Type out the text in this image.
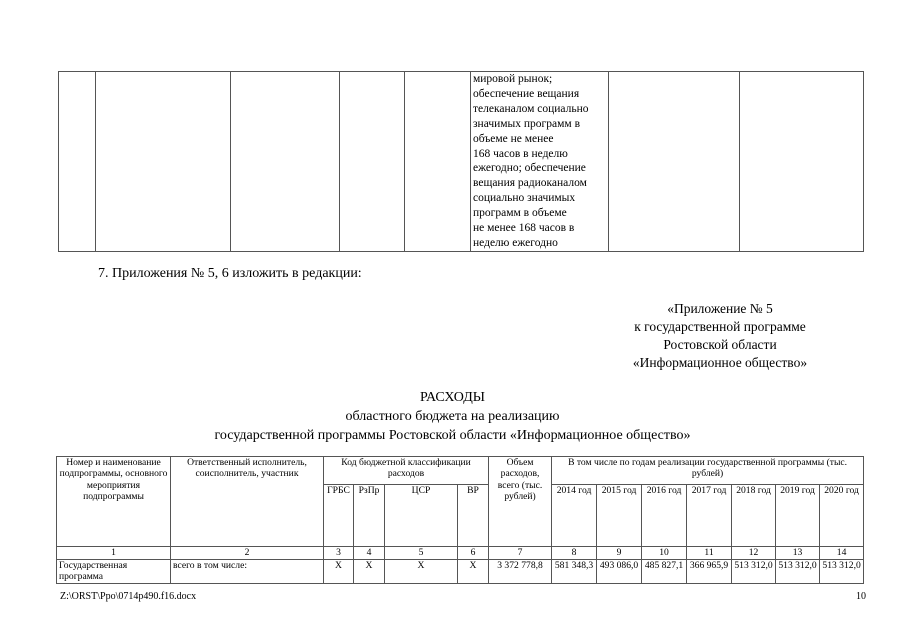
мировой рынок;
обеспечение вещания
телеканалом социально
значимых программ в
объеме не менее
168 часов в неделю
ежегодно; обеспечение
вещания радиоканалом
социально значимых
программ в объеме
не менее 168 часов в
неделю ежегодно

7. Приложения № 5, 6 изложить в редакции:
«Приложение № 5
к государственной программе
Ростовской области
«Информационное общество»
РАСХОДЫ
областного бюджета на реализацию
государственной программы Ростовской области «Информационное общество»
Номер и наименование подпрограммы, основного мероприятия подпрограммы	Ответственный исполнитель, соисполнитель, участник	Код бюджетной классификации расходов				Объем расходов, всего (тыс. рублей)	В том числе по годам реализации государственной программы (тыс. рублей)						
		ГРБС	РзПр	ЦСР	ВР		2014 год	2015 год	2016 год	2017 год	2018 год	2019 год	2020 год
1	2	3	4	5	6	7	8	9	10	11	12	13	14
Государственная программа	всего в том числе:	Х	Х	Х	Х	3 372 778,8	581 348,3	493 086,0	485 827,1	366 965,9	513 312,0	513 312,0	513 312,0
Z:\ORST\Ppo\0714p490.f16.docx	10
